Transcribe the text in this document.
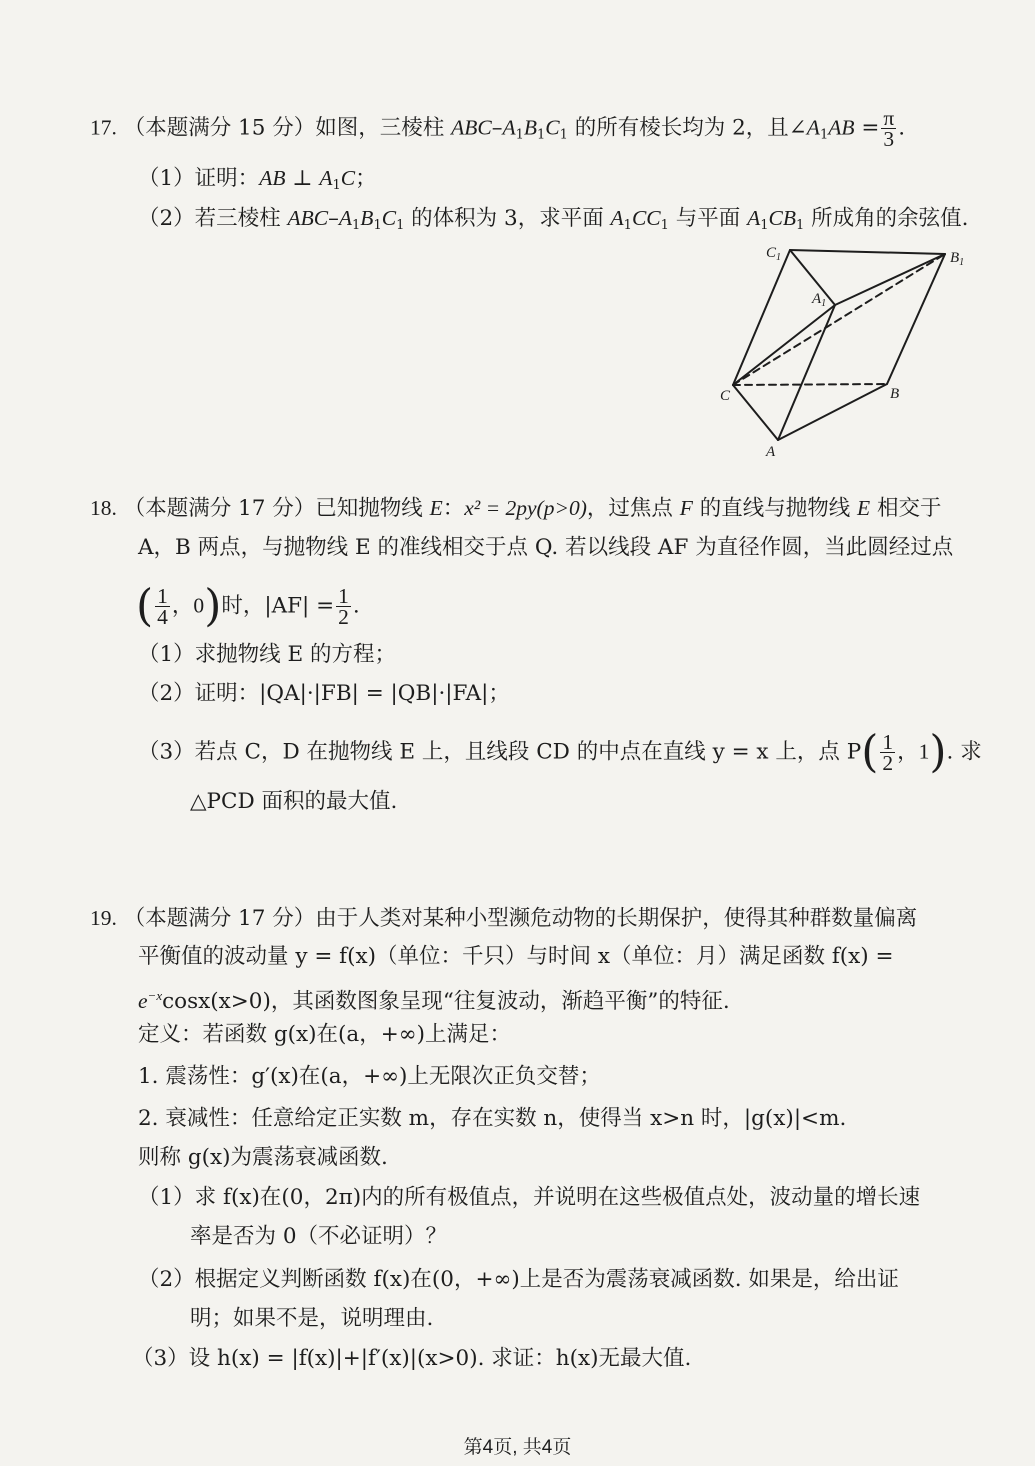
17. （本题满分 15 分）如图，三棱柱 ABC–$A_1B_1C_1$ 的所有棱长均为 2，且$\angle A_1AB = \frac{\pi}{3}$ .
（1）证明：AB ⊥ $A_1C$；
（2）若三棱柱 ABC–$A_1B_1C_1$ 的体积为 3，求平面 $A_1CC_1$ 与平面 $A_1CB_1$ 所成角的余弦值.
$C_1$	$B_1$
$A_1$
C	B
A
18. （本题满分 17 分）已知抛物线 E：x² = 2py(p>0)，过焦点 F 的直线与抛物线 E 相交于
A，B 两点，与抛物线 E 的准线相交于点 Q. 若以线段 AF 为直径作圆，当此圆经过点
( $\frac{1}{4}$ ，0)时，$|AF| = \frac{1}{2}$ .
（1）求抛物线 E 的方程；
（2）证明：|QA|·|FB| = |QB|·|FA|；
（3）若点 C，D 在抛物线 E 上，且线段 CD 的中点在直线 y = x 上，点 $P( \frac{1}{2}$ ，1). 求
△PCD 面积的最大值.
19. （本题满分 17 分）由于人类对某种小型濒危动物的长期保护，使得其种群数量偏离
平衡值的波动量 y = f(x)（单位：千只）与时间 x（单位：月）满足函数 f(x) =
$e^{-x}\cos x(x>0)$，其函数图象呈现“往复波动，渐趋平衡”的特征.
定义：若函数 g(x)在(a，+∞)上满足：
1. 震荡性：g′(x)在(a，+∞)上无限次正负交替；
2. 衰减性：任意给定正实数 m，存在实数 n，使得当 x>n 时，|g(x)|<m.
则称 g(x)为震荡衰减函数.
（1）求 f(x)在(0，2π)内的所有极值点，并说明在这些极值点处，波动量的增长速
率是否为 0（不必证明）？
（2）根据定义判断函数 f(x)在(0，+∞)上是否为震荡衰减函数. 如果是，给出证
明；如果不是，说明理由.
（3）设 h(x) = |f(x)|+|f′(x)|(x>0). 求证：h(x)无最大值.
第4页, 共4页
